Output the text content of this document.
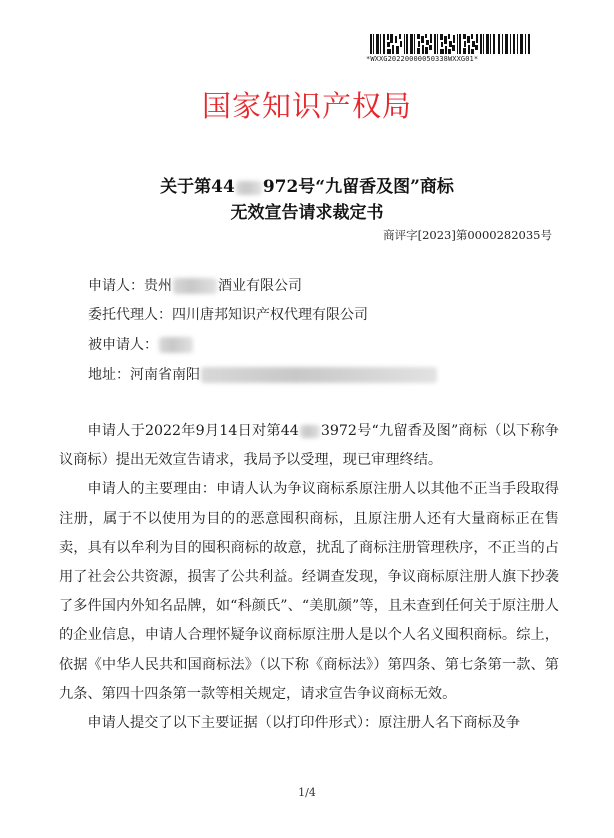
*WXXG20220000050338WXXG01*
国家知识产权局
关于第44 972号“九留香及图”商标
无效宣告请求裁定书
商评字[2023]第0000282035号
申请人：贵州	酒业有限公司
委托代理人：四川唐邦知识产权代理有限公司
被申请人：
地址：河南省南阳

申请人于2022年9月14日对第44 3972号“九留香及图”商标（以下称争议商标）提出无效宣告请求，我局予以受理，现已审理终结。

申请人的主要理由：申请人认为争议商标系原注册人以其他不正当手段取得注册，属于不以使用为目的的恶意囤积商标，且原注册人还有大量商标正在售卖，具有以牟利为目的囤积商标的故意，扰乱了商标注册管理秩序，不正当的占用了社会公共资源，损害了公共利益。经调查发现，争议商标原注册人旗下抄袭了多件国内外知名品牌，如“科颜氏”、“美肌颜”等，且未查到任何关于原注册人的企业信息，申请人合理怀疑争议商标原注册人是以个人名义囤积商标。综上，依据《中华人民共和国商标法》（以下称《商标法》）第四条、第七条第一款、第九条、第四十四条第一款等相关规定，请求宣告争议商标无效。

申请人提交了以下主要证据（以打印件形式）：原注册人名下商标及争

1/4
